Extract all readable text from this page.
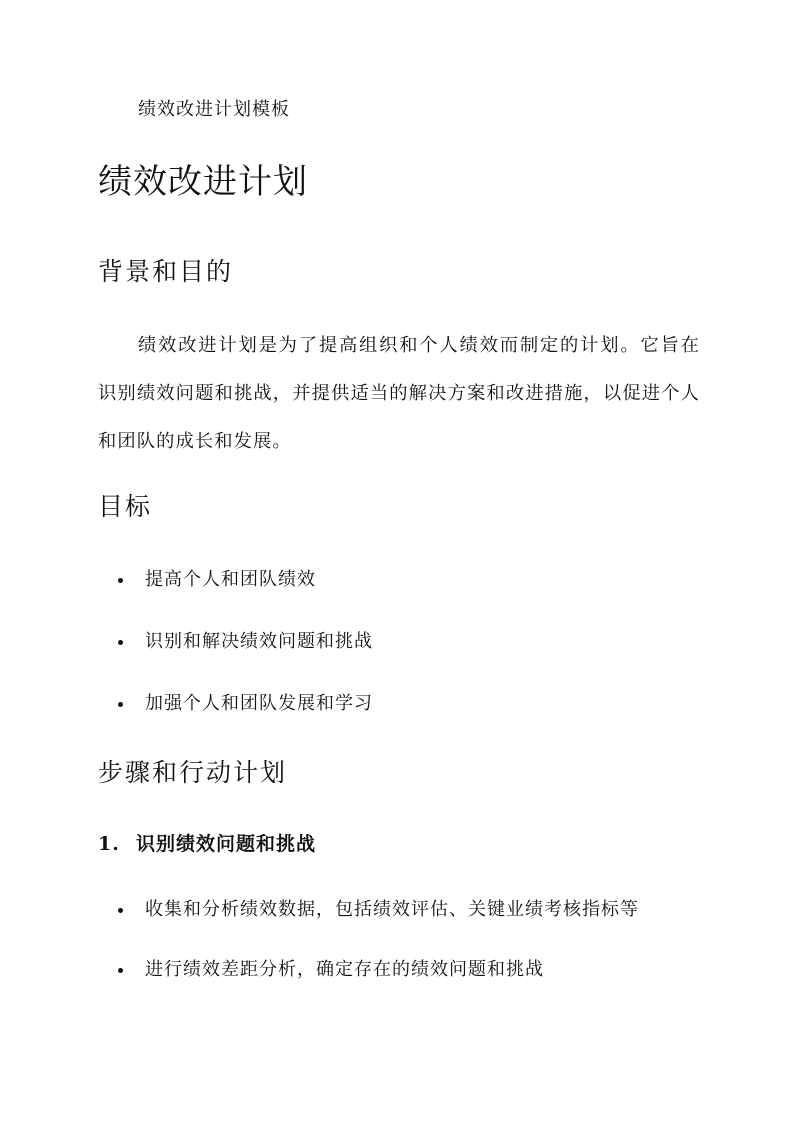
绩效改进计划模板
绩效改进计划
背景和目的

绩效改进计划是为了提高组织和个人绩效而制定的计划。它旨在识别绩效问题和挑战，并提供适当的解决方案和改进措施，以促进个人和团队的成长和发展。

目标
提高个人和团队绩效
识别和解决绩效问题和挑战
加强个人和团队发展和学习
步骤和行动计划
1. 识别绩效问题和挑战
收集和分析绩效数据，包括绩效评估、关键业绩考核指标等
进行绩效差距分析，确定存在的绩效问题和挑战
